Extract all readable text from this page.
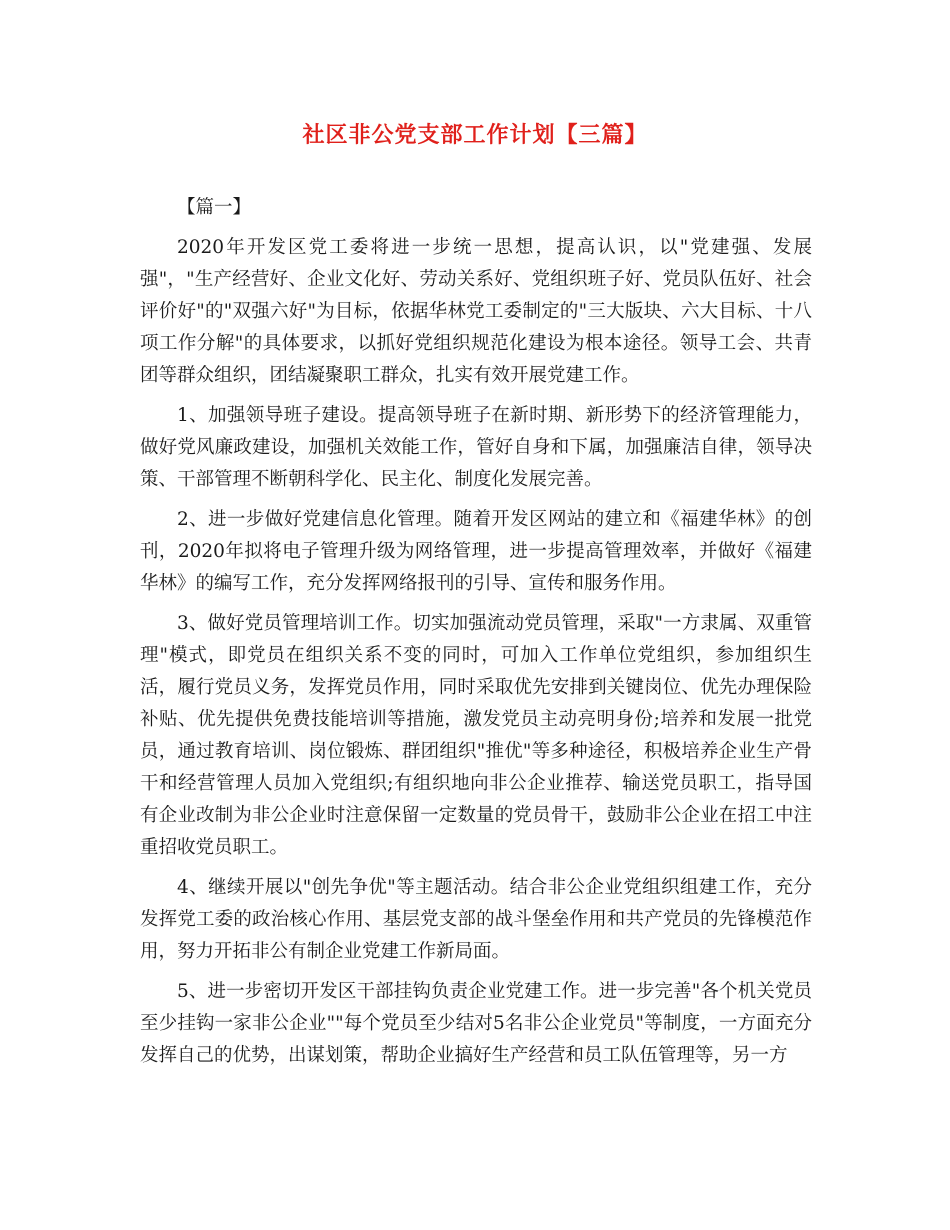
社区非公党支部工作计划【三篇】
【篇一】

2020年开发区党工委将进一步统一思想，提高认识，以"党建强、发展强"，"生产经营好、企业文化好、劳动关系好、党组织班子好、党员队伍好、社会评价好"的"双强六好"为目标，依据华林党工委制定的"三大版块、六大目标、十八项工作分解"的具体要求，以抓好党组织规范化建设为根本途径。领导工会、共青团等群众组织，团结凝聚职工群众，扎实有效开展党建工作。

1、加强领导班子建设。提高领导班子在新时期、新形势下的经济管理能力，做好党风廉政建设，加强机关效能工作，管好自身和下属，加强廉洁自律，领导决策、干部管理不断朝科学化、民主化、制度化发展完善。

2、进一步做好党建信息化管理。随着开发区网站的建立和《福建华林》的创刊，2020年拟将电子管理升级为网络管理，进一步提高管理效率，并做好《福建华林》的编写工作，充分发挥网络报刊的引导、宣传和服务作用。

3、做好党员管理培训工作。切实加强流动党员管理，采取"一方隶属、双重管理"模式，即党员在组织关系不变的同时，可加入工作单位党组织，参加组织生活，履行党员义务，发挥党员作用，同时采取优先安排到关键岗位、优先办理保险补贴、优先提供免费技能培训等措施，激发党员主动亮明身份;培养和发展一批党员，通过教育培训、岗位锻炼、群团组织"推优"等多种途径，积极培养企业生产骨干和经营管理人员加入党组织;有组织地向非公企业推荐、输送党员职工，指导国有企业改制为非公企业时注意保留一定数量的党员骨干，鼓励非公企业在招工中注重招收党员职工。

4、继续开展以"创先争优"等主题活动。结合非公企业党组织组建工作，充分发挥党工委的政治核心作用、基层党支部的战斗堡垒作用和共产党员的先锋模范作用，努力开拓非公有制企业党建工作新局面。

5、进一步密切开发区干部挂钩负责企业党建工作。进一步完善"各个机关党员至少挂钩一家非公企业""每个党员至少结对5名非公企业党员"等制度，一方面充分发挥自己的优势，出谋划策，帮助企业搞好生产经营和员工队伍管理等，另一方
